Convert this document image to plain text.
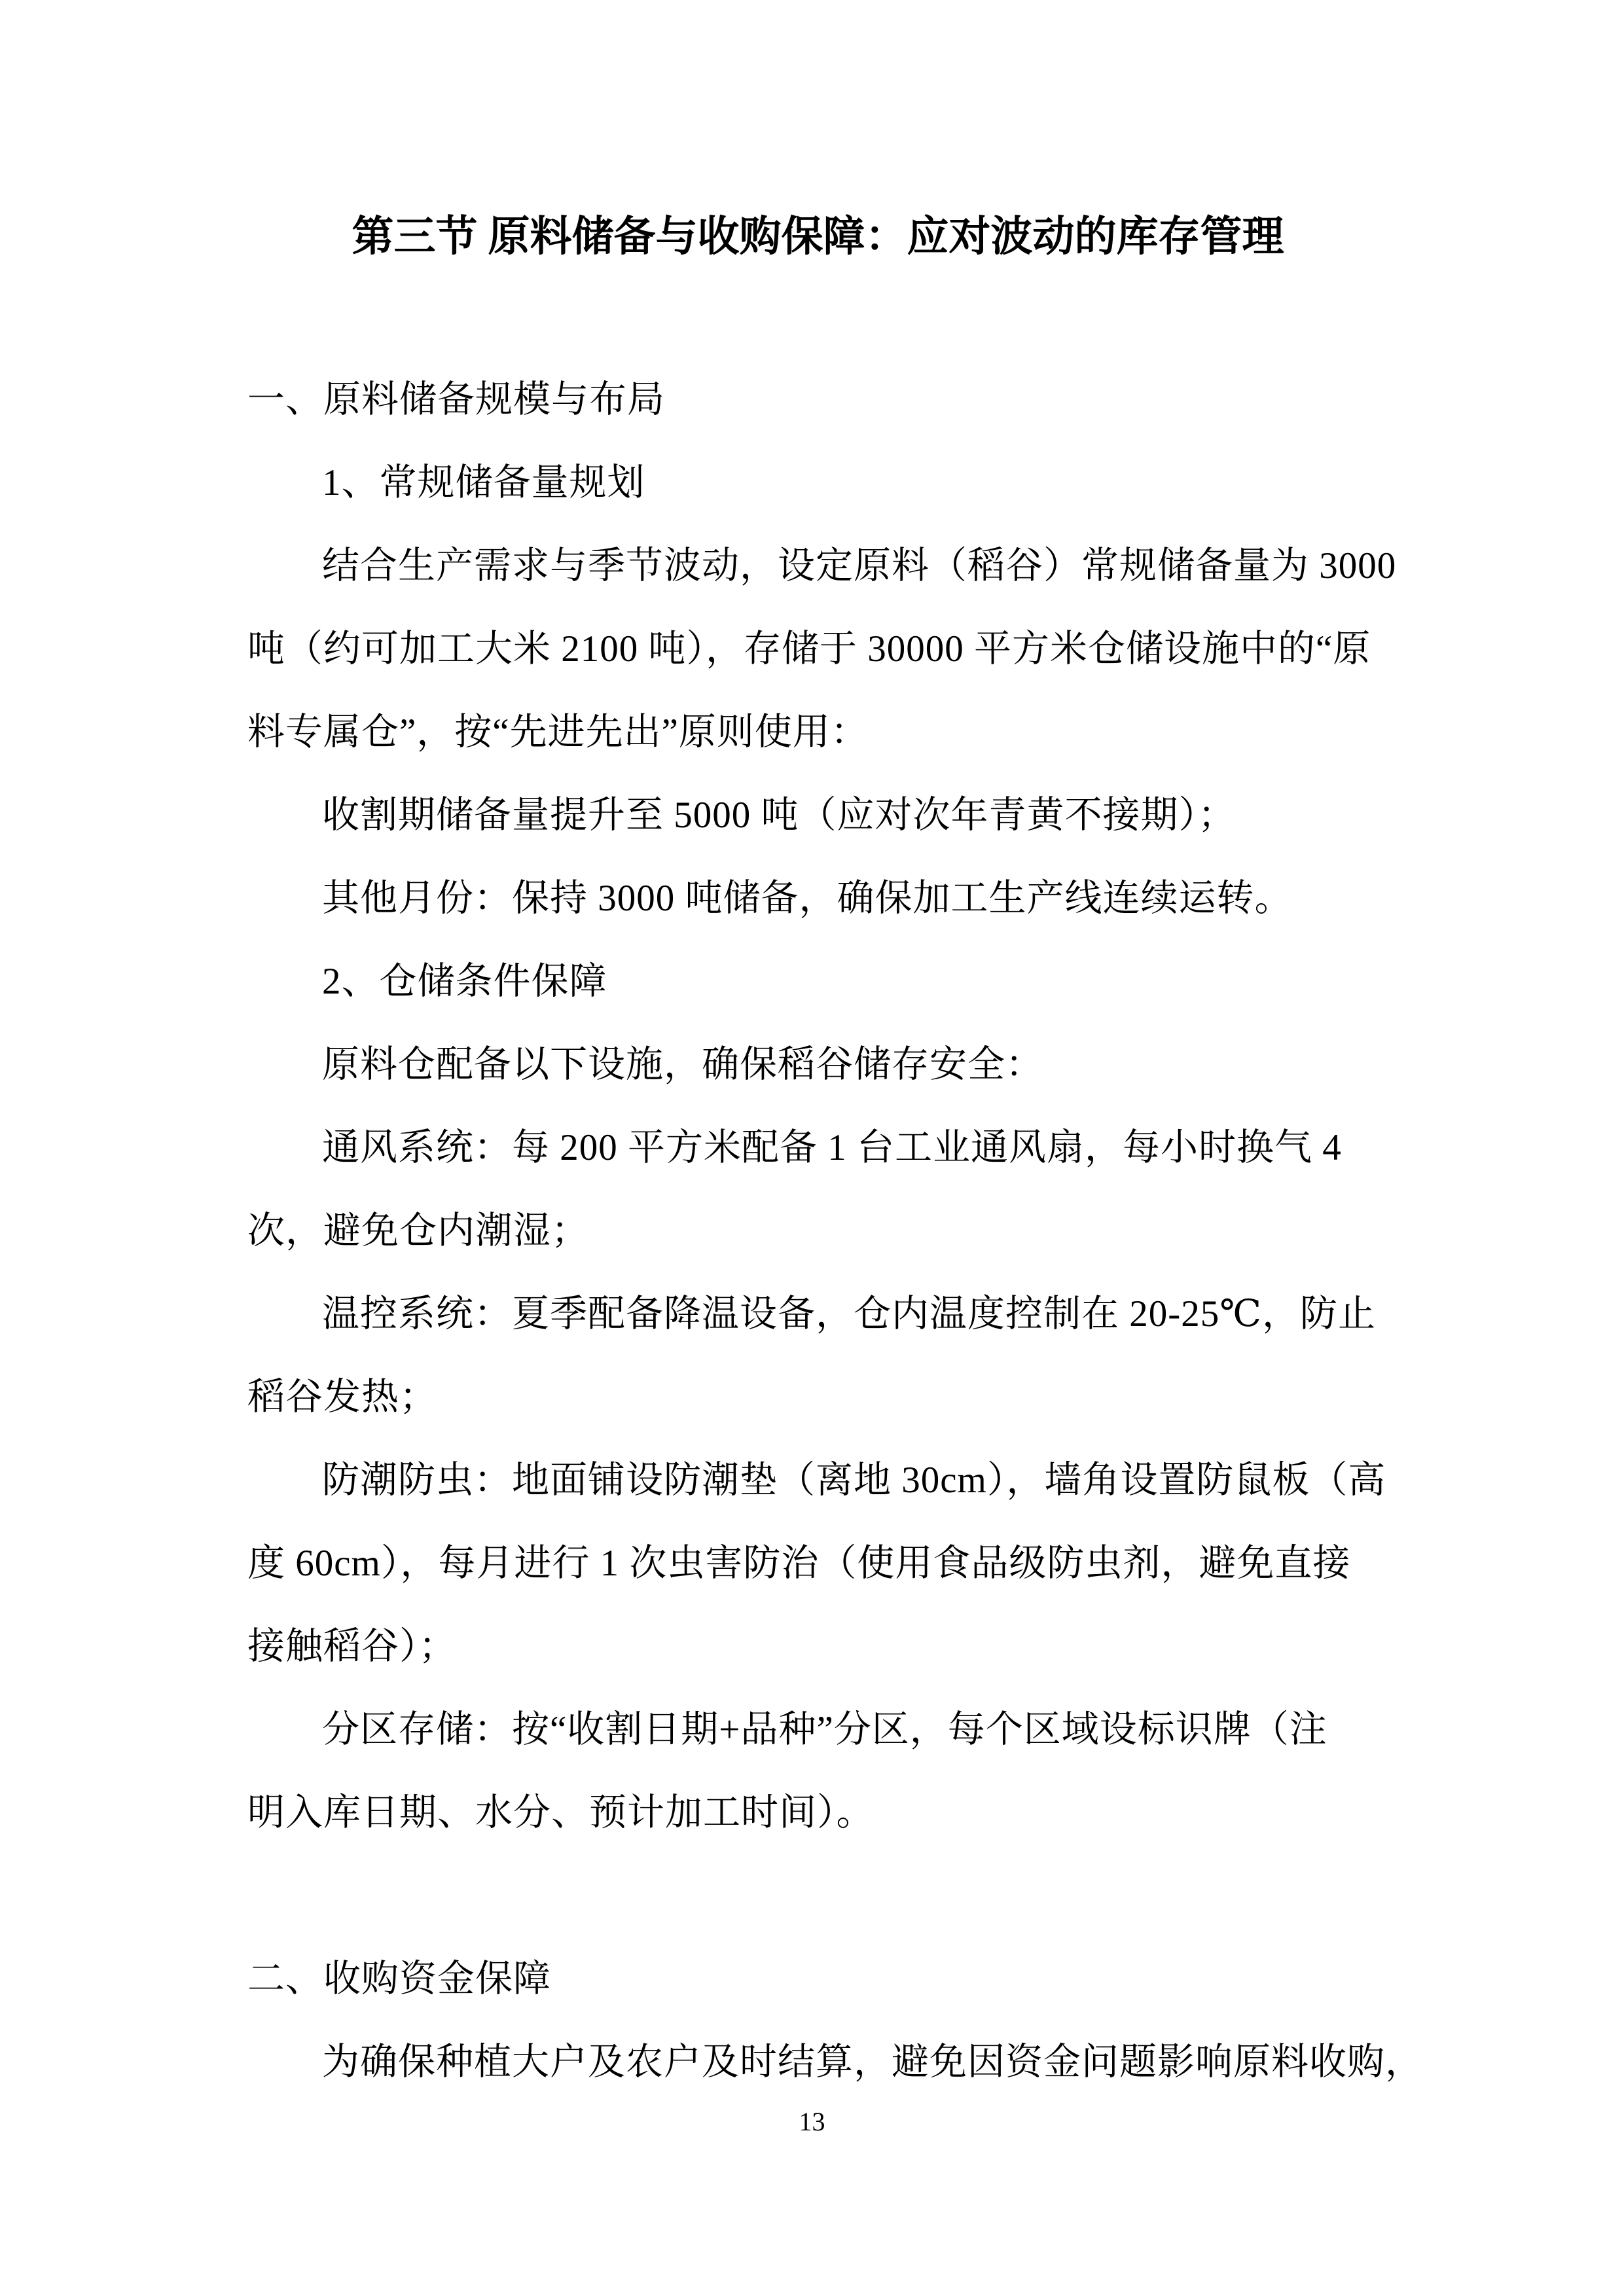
第三节 原料储备与收购保障：应对波动的库存管理
一、原料储备规模与布局
1、常规储备量规划
结合生产需求与季节波动，设定原料（稻谷）常规储备量为 3000
吨（约可加工大米 2100 吨），存储于 30000 平方米仓储设施中的“原
料专属仓”，按“先进先出”原则使用：
收割期储备量提升至 5000 吨（应对次年青黄不接期）；
其他月份：保持 3000 吨储备，确保加工生产线连续运转。
2、仓储条件保障
原料仓配备以下设施，确保稻谷储存安全：
通风系统：每 200 平方米配备 1 台工业通风扇，每小时换气 4
次，避免仓内潮湿；
温控系统：夏季配备降温设备，仓内温度控制在 20-25℃，防止
稻谷发热；
防潮防虫：地面铺设防潮垫（离地 30cm），墙角设置防鼠板（高
度 60cm），每月进行 1 次虫害防治（使用食品级防虫剂，避免直接
接触稻谷）；
分区存储：按“收割日期+品种”分区，每个区域设标识牌（注
明入库日期、水分、预计加工时间）。
二、收购资金保障
为确保种植大户及农户及时结算，避免因资金问题影响原料收购，
13
